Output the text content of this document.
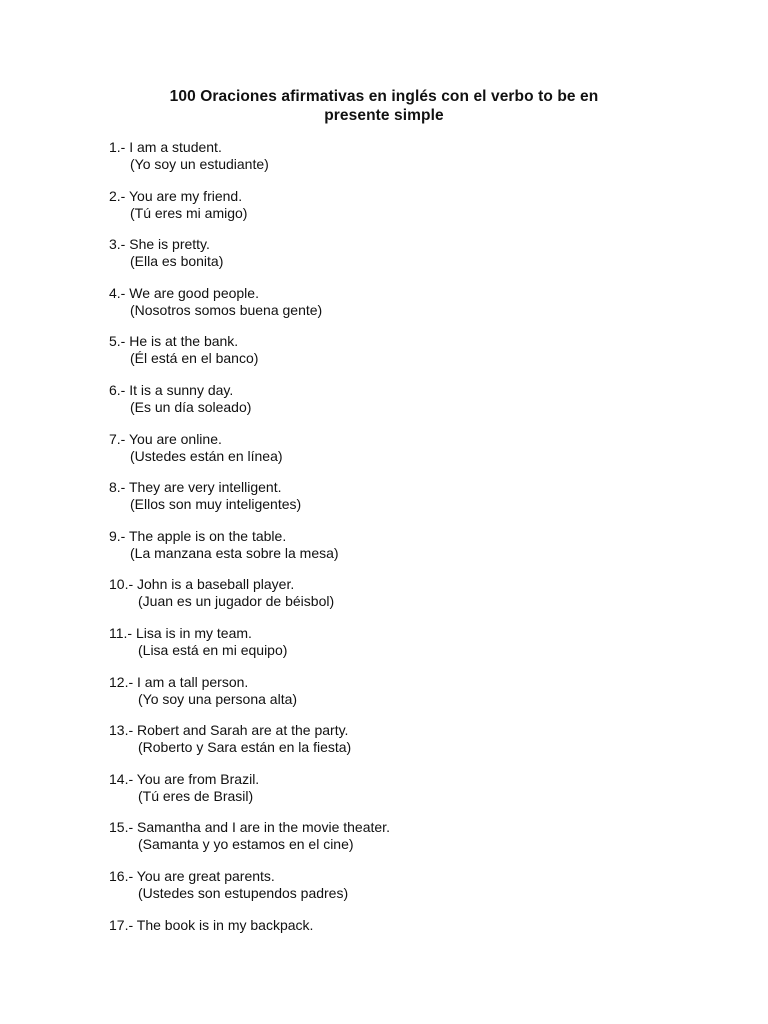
100 Oraciones afirmativas en inglés con el verbo to be en
presente simple
1.- I am a student.
(Yo soy un estudiante)
2.- You are my friend.
(Tú eres mi amigo)
3.- She is pretty.
(Ella es bonita)
4.- We are good people.
(Nosotros somos buena gente)
5.- He is at the bank.
(Él está en el banco)
6.- It is a sunny day.
(Es un día soleado)
7.- You are online.
(Ustedes están en línea)
8.- They are very intelligent.
(Ellos son muy inteligentes)
9.- The apple is on the table.
(La manzana esta sobre la mesa)
10.- John is a baseball player.
(Juan es un jugador de béisbol)
11.- Lisa is in my team.
(Lisa está en mi equipo)
12.- I am a tall person.
(Yo soy una persona alta)
13.- Robert and Sarah are at the party.
(Roberto y Sara están en la fiesta)
14.- You are from Brazil.
(Tú eres de Brasil)
15.- Samantha and I are in the movie theater.
(Samanta y yo estamos en el cine)
16.- You are great parents.
(Ustedes son estupendos padres)
17.- The book is in my backpack.
